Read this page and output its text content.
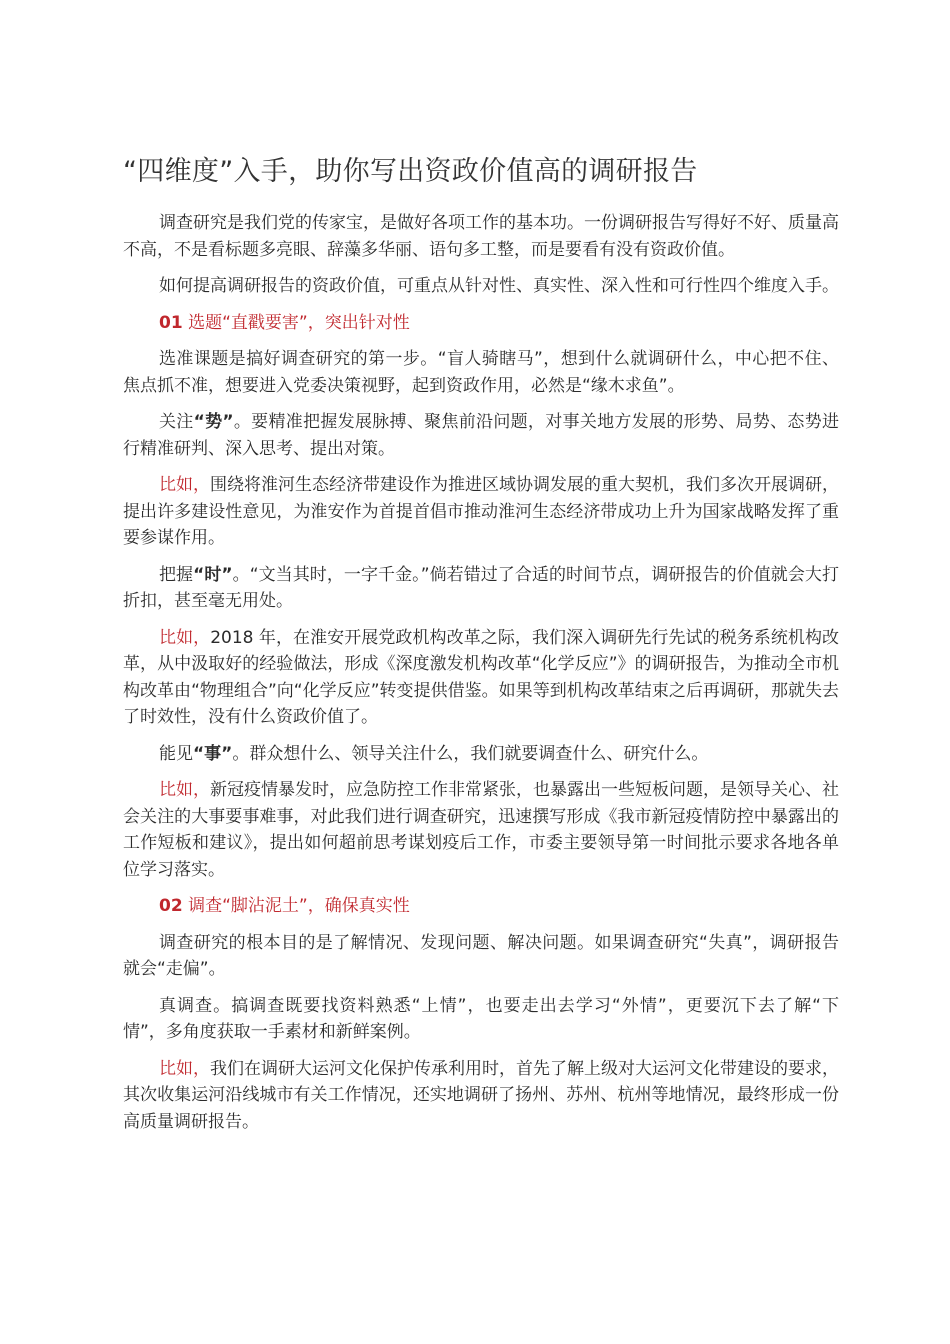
“四维度”入手，助你写出资政价值高的调研报告

调查研究是我们党的传家宝，是做好各项工作的基本功。一份调研报告写得好不好、质量高不高，不是看标题多亮眼、辞藻多华丽、语句多工整，而是要看有没有资政价值。

如何提高调研报告的资政价值，可重点从针对性、真实性、深入性和可行性四个维度入手。

01 选题“直戳要害”，突出针对性

选准课题是搞好调查研究的第一步。“盲人骑瞎马”，想到什么就调研什么，中心把不住、焦点抓不准，想要进入党委决策视野，起到资政作用，必然是“缘木求鱼”。

关注“势”。要精准把握发展脉搏、聚焦前沿问题，对事关地方发展的形势、局势、态势进行精准研判、深入思考、提出对策。

比如，围绕将淮河生态经济带建设作为推进区域协调发展的重大契机，我们多次开展调研，提出许多建设性意见，为淮安作为首提首倡市推动淮河生态经济带成功上升为国家战略发挥了重要参谋作用。

把握“时”。“文当其时，一字千金。”倘若错过了合适的时间节点，调研报告的价值就会大打折扣，甚至毫无用处。

比如，2018 年，在淮安开展党政机构改革之际，我们深入调研先行先试的税务系统机构改革，从中汲取好的经验做法，形成《深度激发机构改革“化学反应”》的调研报告，为推动全市机构改革由“物理组合”向“化学反应”转变提供借鉴。如果等到机构改革结束之后再调研，那就失去了时效性，没有什么资政价值了。

能见“事”。群众想什么、领导关注什么，我们就要调查什么、研究什么。

比如，新冠疫情暴发时，应急防控工作非常紧张，也暴露出一些短板问题，是领导关心、社会关注的大事要事难事，对此我们进行调查研究，迅速撰写形成《我市新冠疫情防控中暴露出的工作短板和建议》，提出如何超前思考谋划疫后工作，市委主要领导第一时间批示要求各地各单位学习落实。

02 调查“脚沾泥土”，确保真实性

调查研究的根本目的是了解情况、发现问题、解决问题。如果调查研究“失真”，调研报告就会“走偏”。

真调查。搞调查既要找资料熟悉“上情”，也要走出去学习“外情”，更要沉下去了解“下情”，多角度获取一手素材和新鲜案例。

比如，我们在调研大运河文化保护传承利用时，首先了解上级对大运河文化带建设的要求，其次收集运河沿线城市有关工作情况，还实地调研了扬州、苏州、杭州等地情况，最终形成一份高质量调研报告。
